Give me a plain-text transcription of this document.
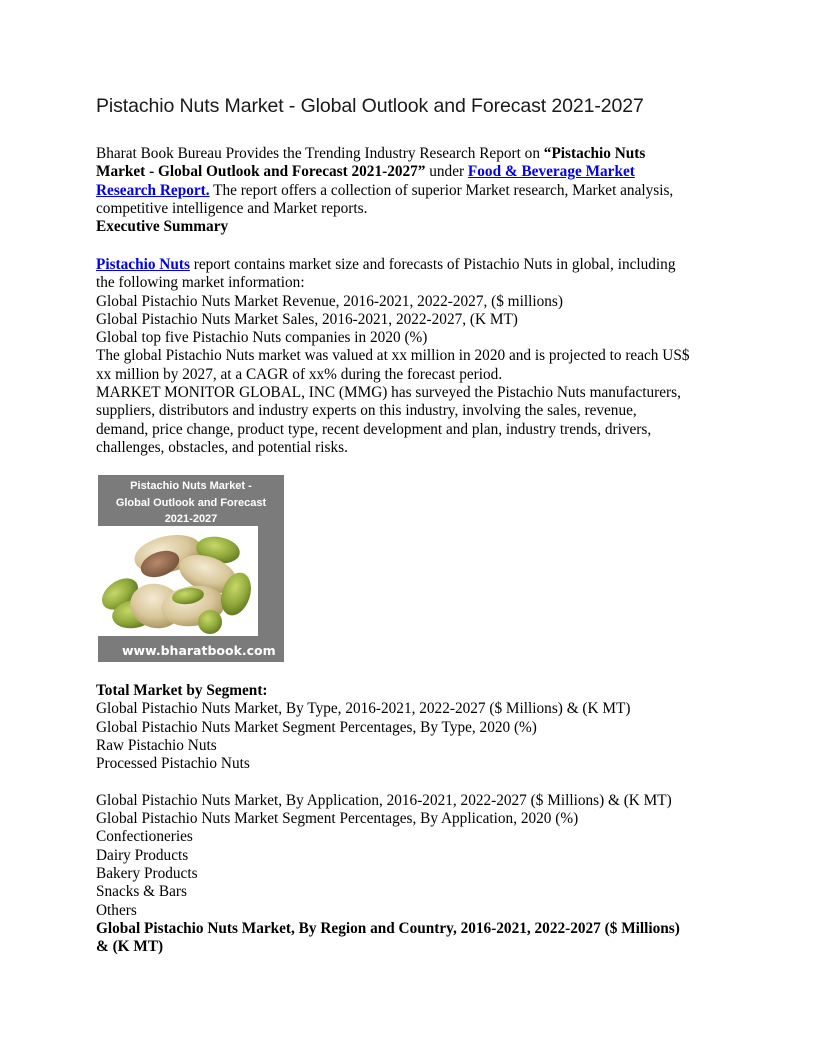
Pistachio Nuts Market - Global Outlook and Forecast 2021-2027
Bharat Book Bureau Provides the Trending Industry Research Report on “Pistachio Nuts
Market - Global Outlook and Forecast 2021-2027” under Food & Beverage Market
Research Report. The report offers a collection of superior Market research, Market analysis,
competitive intelligence and Market reports.
Executive Summary
Pistachio Nuts report contains market size and forecasts of Pistachio Nuts in global, including
the following market information:
Global Pistachio Nuts Market Revenue, 2016-2021, 2022-2027, ($ millions)
Global Pistachio Nuts Market Sales, 2016-2021, 2022-2027, (K MT)
Global top five Pistachio Nuts companies in 2020 (%)
The global Pistachio Nuts market was valued at xx million in 2020 and is projected to reach US$
xx million by 2027, at a CAGR of xx% during the forecast period.
MARKET MONITOR GLOBAL, INC (MMG) has surveyed the Pistachio Nuts manufacturers,
suppliers, distributors and industry experts on this industry, involving the sales, revenue,
demand, price change, product type, recent development and plan, industry trends, drivers,
challenges, obstacles, and potential risks.
Pistachio Nuts Market -
Global Outlook and Forecast
2021-2027
www.bharatbook.com
Total Market by Segment:
Global Pistachio Nuts Market, By Type, 2016-2021, 2022-2027 ($ Millions) & (K MT)
Global Pistachio Nuts Market Segment Percentages, By Type, 2020 (%)
Raw Pistachio Nuts
Processed Pistachio Nuts

Global Pistachio Nuts Market, By Application, 2016-2021, 2022-2027 ($ Millions) & (K MT)
Global Pistachio Nuts Market Segment Percentages, By Application, 2020 (%)
Confectioneries
Dairy Products
Bakery Products
Snacks & Bars
Others
Global Pistachio Nuts Market, By Region and Country, 2016-2021, 2022-2027 ($ Millions)
& (K MT)
